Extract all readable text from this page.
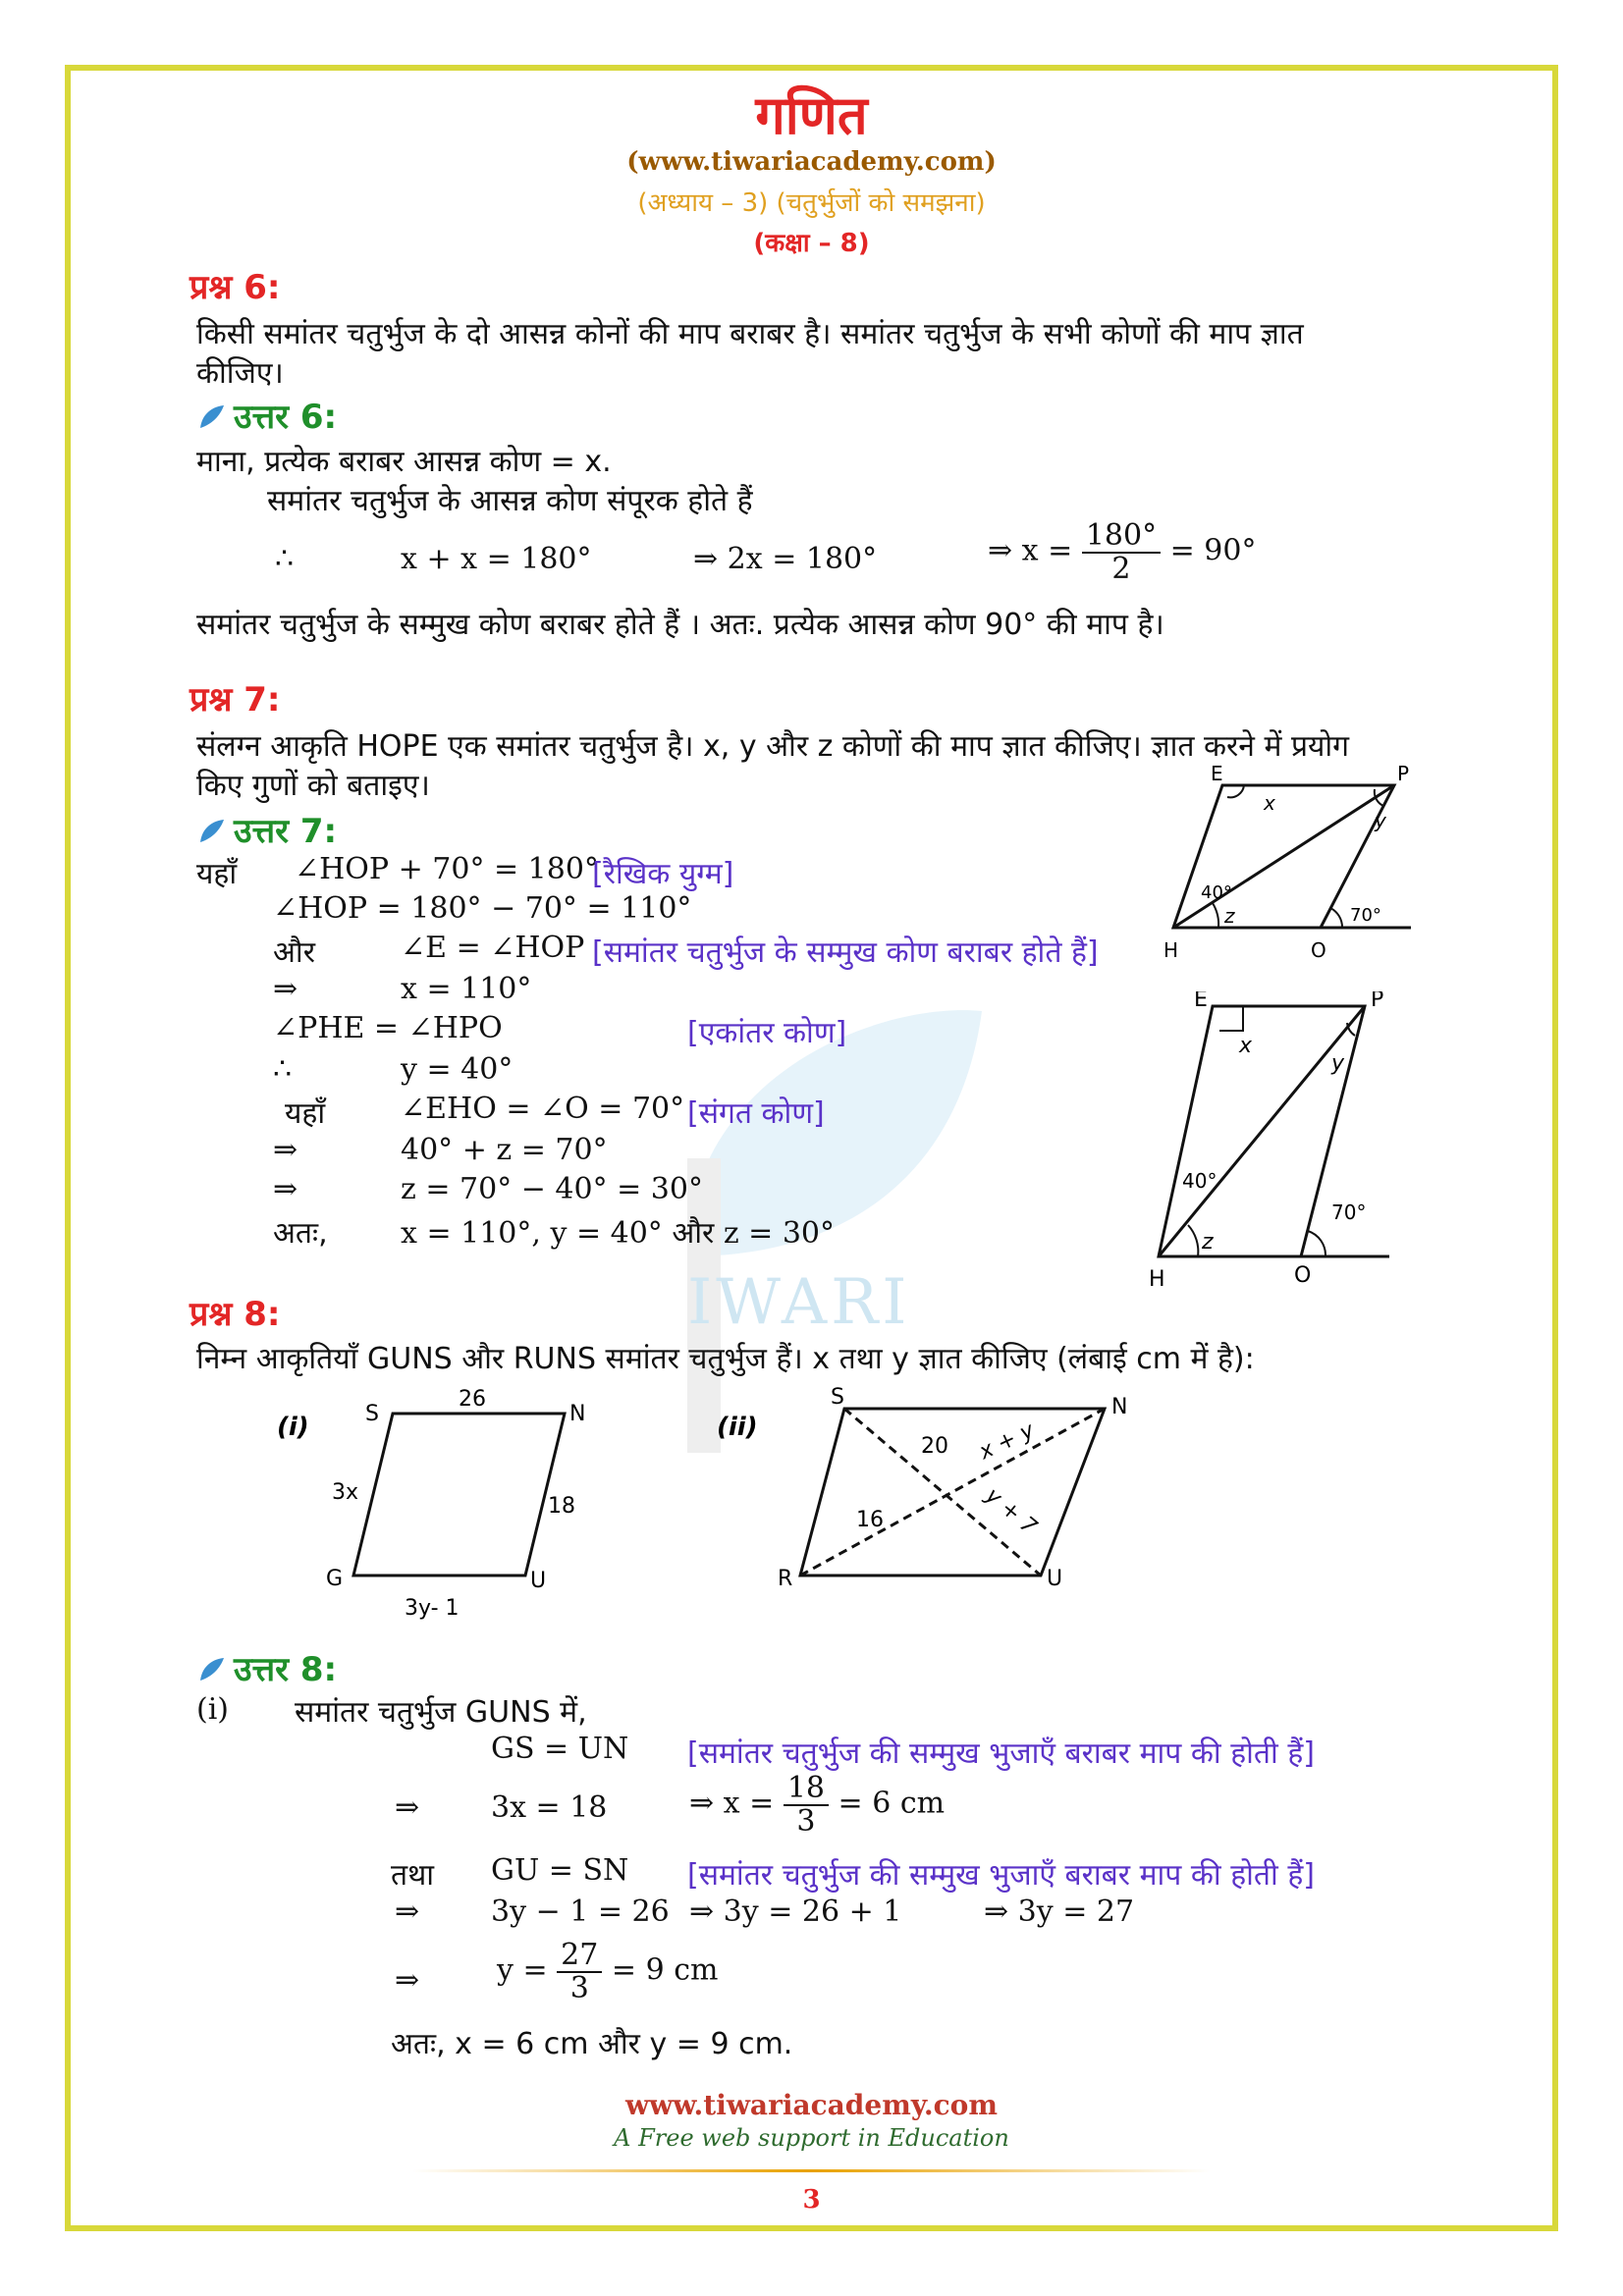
IWARI
गणित
(www.tiwariacademy.com)
(अध्याय – 3) (चतुर्भुजों को समझना)
(कक्षा – 8)
प्रश्न 6:
किसी समांतर चतुर्भुज के दो आसन्न कोनों की माप बराबर है। समांतर चतुर्भुज के सभी कोणों की माप ज्ञात
कीजिए।
उत्तर 6:
माना, प्रत्येक बराबर आसन्न कोण = x.
समांतर चतुर्भुज के आसन्न कोण संपूरक होते हैं
∴	x + x = 180°	⇒ 2x = 180°	⇒ $x = \frac{180^\circ}{2} = 90^\circ$
समांतर चतुर्भुज के सम्मुख कोण बराबर होते हैं । अतः. प्रत्येक आसन्न कोण 90° की माप है।
प्रश्न 7:
संलग्न आकृति HOPE एक समांतर चतुर्भुज है। x, y और z कोणों की माप ज्ञात कीजिए। ज्ञात करने में प्रयोग
किए गुणों को बताइए।
उत्तर 7:
यहाँ ∠HOP + 70° = 180°
[रैखिक युग्म]
∠HOP = 180° − 70° = 110°
और	∠E = ∠HOP [समांतर चतुर्भुज के सम्मुख कोण बराबर होते हैं]
⇒	x = 110°
∠PHE = ∠HPO	[एकांतर कोण]
∴	y = 40°
यहाँ	∠EHO = ∠O = 70° [संगत कोण]
⇒	40° + z = 70°
⇒	z = 70° − 40° = 30°
अतः, x = 110°, y = 40° और z = 30°
E	P
H	O
x
y
z
40°
70°
E	P
H	O
x
y
z
40°
70°
प्रश्न 8:
निम्न आकृतियाँ GUNS और RUNS समांतर चतुर्भुज हैं। x तथा y ज्ञात कीजिए (लंबाई cm में है):
(i)	S	N
G	U
26
3x
18
3y- 1
(ii)
S	N
R	U
20 x + y
16	y + 7
उत्तर 8:
(i) समांतर चतुर्भुज GUNS में,
GS = UN [समांतर चतुर्भुज की सम्मुख भुजाएँ बराबर माप की होती हैं]
⇒ 3x = 18	⇒ $x = \frac{18}{3} = 6$ cm
तथा GU = SN [समांतर चतुर्भुज की सम्मुख भुजाएँ बराबर माप की होती हैं]
⇒ 3y − 1 = 26 ⇒ 3y = 26 + 1	⇒ 3y = 27
⇒	$y = \frac{27}{3} = 9$ cm
अतः, x = 6 cm और y = 9 cm.
www.tiwariacademy.com
A Free web support in Education
3
